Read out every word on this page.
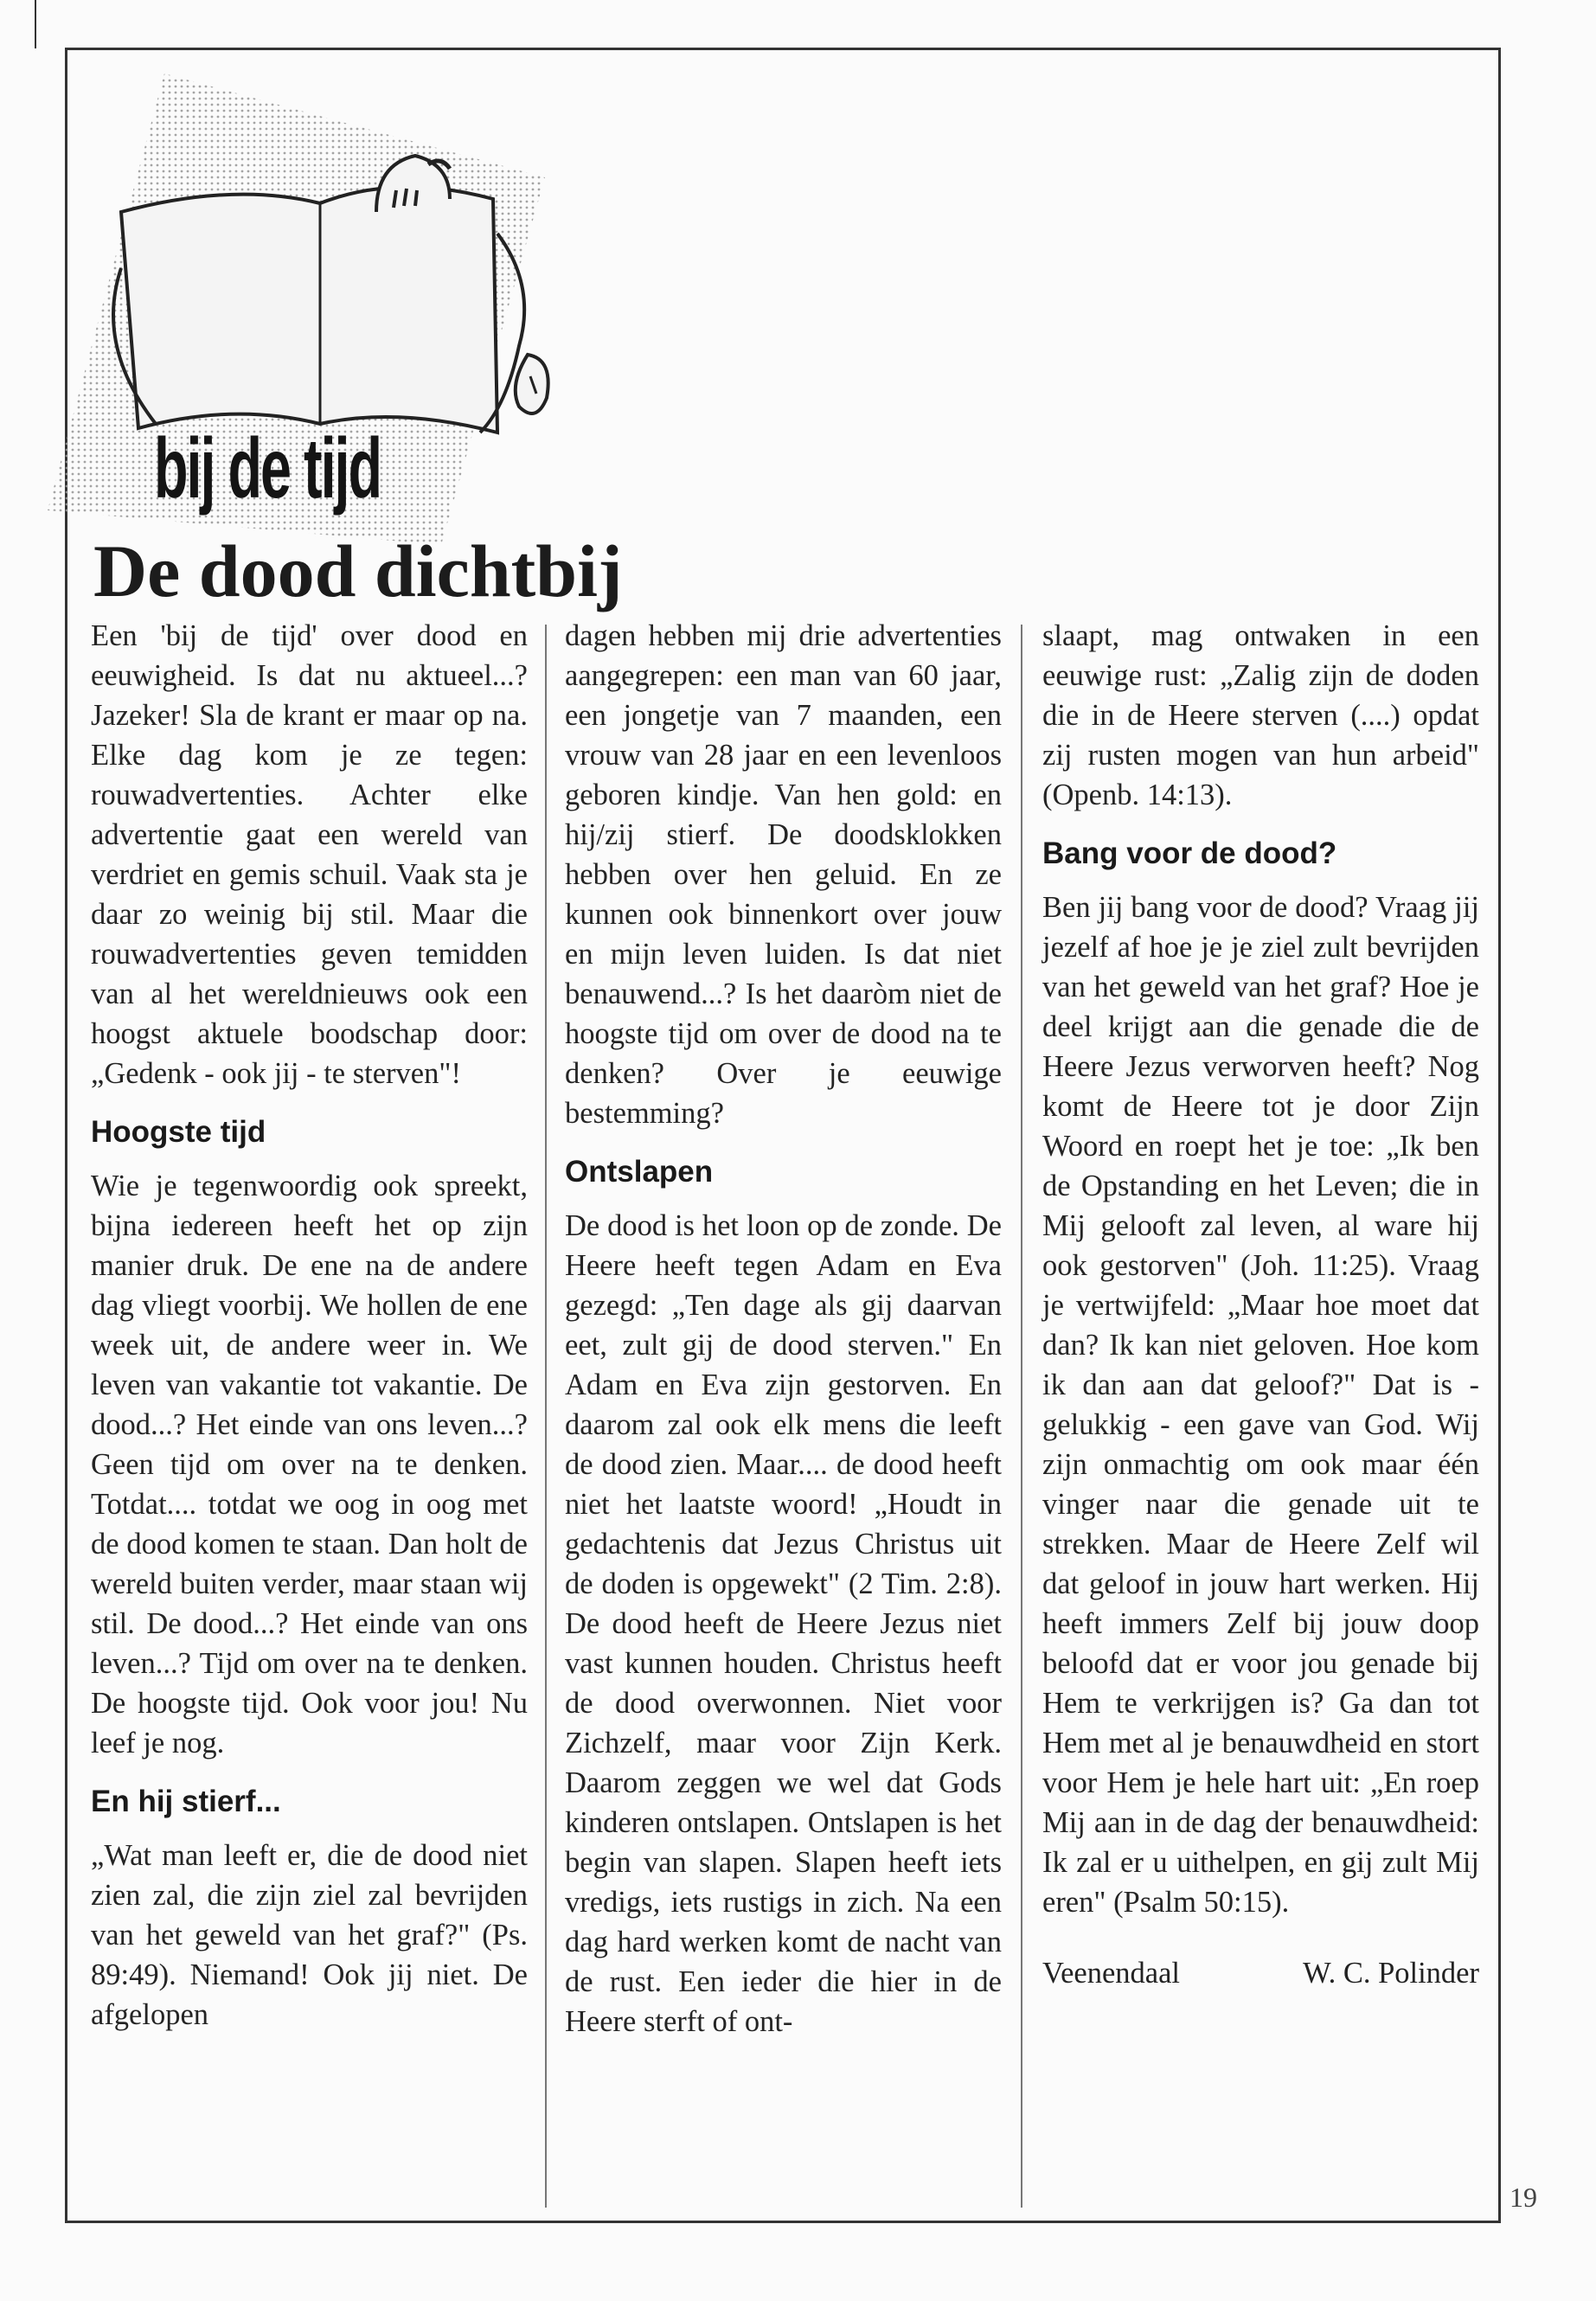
bij de tijd
De dood dichtbij

Een 'bij de tijd' over dood en eeuwigheid. Is dat nu aktueel...? Jazeker! Sla de krant er maar op na. Elke dag kom je ze tegen: rouwadvertenties. Achter elke advertentie gaat een wereld van verdriet en gemis schuil. Vaak sta je daar zo weinig bij stil. Maar die rouwadvertenties geven temidden van al het wereldnieuws ook een hoogst aktuele boodschap door: „Gedenk - ook jij - te sterven"!

Hoogste tijd

Wie je tegenwoordig ook spreekt, bijna iedereen heeft het op zijn manier druk. De ene na de andere dag vliegt voorbij. We hollen de ene week uit, de andere weer in. We leven van vakantie tot vakantie. De dood...? Het einde van ons leven...? Geen tijd om over na te denken. Totdat.... totdat we oog in oog met de dood komen te staan. Dan holt de wereld buiten verder, maar staan wij stil. De dood...? Het einde van ons leven...? Tijd om over na te denken. De hoogste tijd. Ook voor jou! Nu leef je nog.

En hij stierf...

„Wat man leeft er, die de dood niet zien zal, die zijn ziel zal bevrijden van het geweld van het graf?" (Ps. 89:49). Niemand! Ook jij niet. De afgelopen

dagen hebben mij drie advertenties aangegrepen: een man van 60 jaar, een jongetje van 7 maanden, een vrouw van 28 jaar en een levenloos geboren kindje. Van hen gold: en hij/zij stierf. De doodsklokken hebben over hen geluid. En ze kunnen ook binnenkort over jouw en mijn leven luiden. Is dat niet benauwend...? Is het daaròm niet de hoogste tijd om over de dood na te denken? Over je eeuwige bestemming?

Ontslapen

De dood is het loon op de zonde. De Heere heeft tegen Adam en Eva gezegd: „Ten dage als gij daarvan eet, zult gij de dood sterven." En Adam en Eva zijn gestorven. En daarom zal ook elk mens die leeft de dood zien. Maar.... de dood heeft niet het laatste woord! „Houdt in gedachtenis dat Jezus Christus uit de doden is opgewekt" (2 Tim. 2:8). De dood heeft de Heere Jezus niet vast kunnen houden. Christus heeft de dood overwonnen. Niet voor Zichzelf, maar voor Zijn Kerk. Daarom zeggen we wel dat Gods kinderen ontslapen. Ontslapen is het begin van slapen. Slapen heeft iets vredigs, iets rustigs in zich. Na een dag hard werken komt de nacht van de rust. Een ieder die hier in de Heere sterft of ont-

slaapt, mag ontwaken in een eeuwige rust: „Zalig zijn de doden die in de Heere sterven (....) opdat zij rusten mogen van hun arbeid" (Openb. 14:13).

Bang voor de dood?

Ben jij bang voor de dood? Vraag jij jezelf af hoe je je ziel zult bevrijden van het geweld van het graf? Hoe je deel krijgt aan die genade die de Heere Jezus verworven heeft? Nog komt de Heere tot je door Zijn Woord en roept het je toe: „Ik ben de Opstanding en het Leven; die in Mij gelooft zal leven, al ware hij ook gestorven" (Joh. 11:25). Vraag je vertwijfeld: „Maar hoe moet dat dan? Ik kan niet geloven. Hoe kom ik dan aan dat geloof?" Dat is - gelukkig - een gave van God. Wij zijn onmachtig om ook maar één vinger naar die genade uit te strekken. Maar de Heere Zelf wil dat geloof in jouw hart werken. Hij heeft immers Zelf bij jouw doop beloofd dat er voor jou genade bij Hem te verkrijgen is? Ga dan tot Hem met al je benauwdheid en stort voor Hem je hele hart uit: „En roep Mij aan in de dag der benauwdheid: Ik zal er u uithelpen, en gij zult Mij eren" (Psalm 50:15).

Veenendaal	W. C. Polinder
19
